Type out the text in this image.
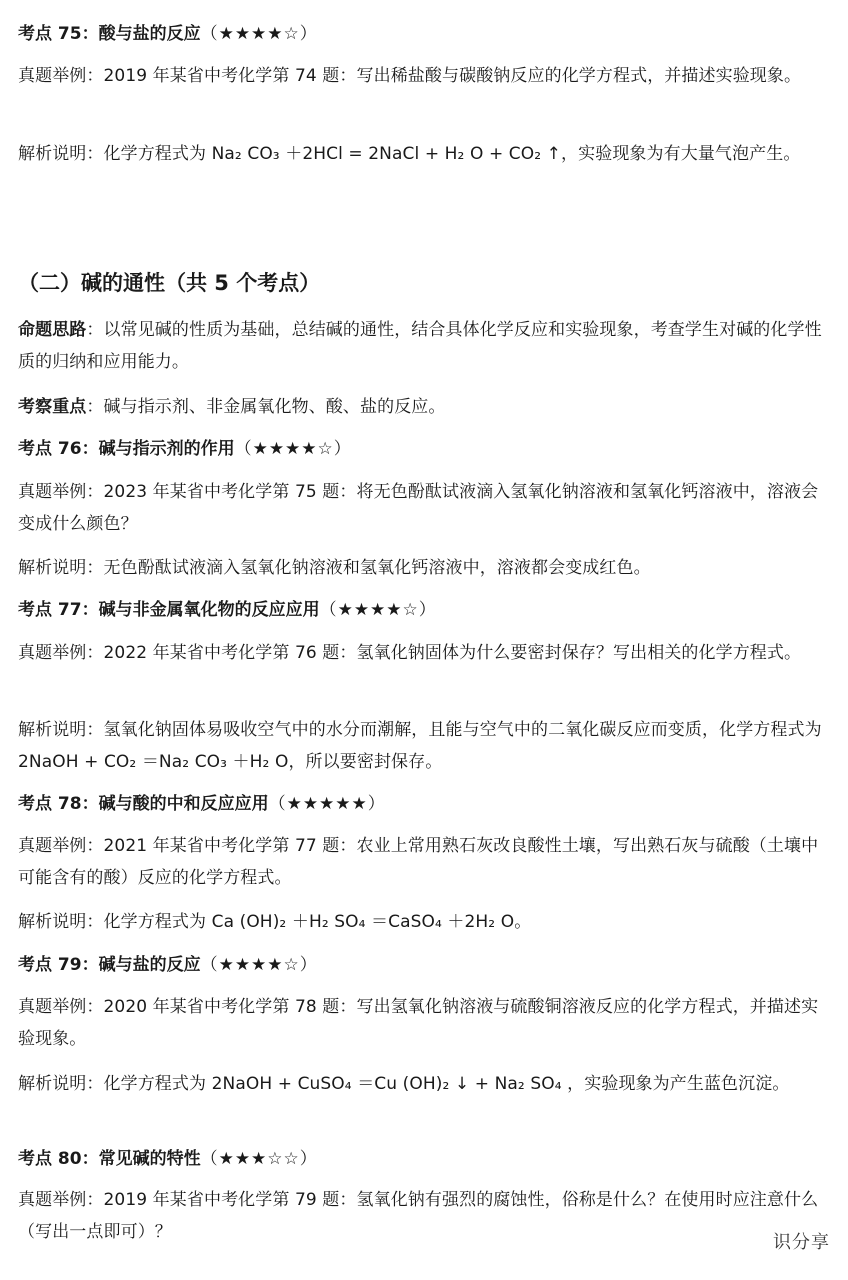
考点 75：酸与盐的反应（★★★★☆）

真题举例：2019 年某省中考化学第 74 题：写出稀盐酸与碳酸钠反应的化学方程式，并描述实验现象。

解析说明：化学方程式为 Na₂ CO₃ ＋2HCl = 2NaCl + H₂ O + CO₂ ↑，实验现象为有大量气泡产生。

（二）碱的通性（共 5 个考点）

命题思路：以常见碱的性质为基础，总结碱的通性，结合具体化学反应和实验现象，考查学生对碱的化学性质的归纳和应用能力。

考察重点：碱与指示剂、非金属氧化物、酸、盐的反应。

考点 76：碱与指示剂的作用（★★★★☆）

真题举例：2023 年某省中考化学第 75 题：将无色酚酞试液滴入氢氧化钠溶液和氢氧化钙溶液中，溶液会变成什么颜色？

解析说明：无色酚酞试液滴入氢氧化钠溶液和氢氧化钙溶液中，溶液都会变成红色。

考点 77：碱与非金属氧化物的反应应用（★★★★☆）

真题举例：2022 年某省中考化学第 76 题：氢氧化钠固体为什么要密封保存？写出相关的化学方程式。

解析说明：氢氧化钠固体易吸收空气中的水分而潮解，且能与空气中的二氧化碳反应而变质，化学方程式为 2NaOH + CO₂ ＝Na₂ CO₃ ＋H₂ O，所以要密封保存。

考点 78：碱与酸的中和反应应用（★★★★★）

真题举例：2021 年某省中考化学第 77 题：农业上常用熟石灰改良酸性土壤，写出熟石灰与硫酸（土壤中可能含有的酸）反应的化学方程式。

解析说明：化学方程式为 Ca (OH)₂ ＋H₂ SO₄ ＝CaSO₄ ＋2H₂ O。

考点 79：碱与盐的反应（★★★★☆）

真题举例：2020 年某省中考化学第 78 题：写出氢氧化钠溶液与硫酸铜溶液反应的化学方程式，并描述实验现象。

解析说明：化学方程式为 2NaOH + CuSO₄ ＝Cu (OH)₂ ↓ + Na₂ SO₄ ，实验现象为产生蓝色沉淀。

考点 80：常见碱的特性（★★★☆☆）

真题举例：2019 年某省中考化学第 79 题：氢氧化钠有强烈的腐蚀性，俗称是什么？在使用时应注意什么（写出一点即可）？	识分享
